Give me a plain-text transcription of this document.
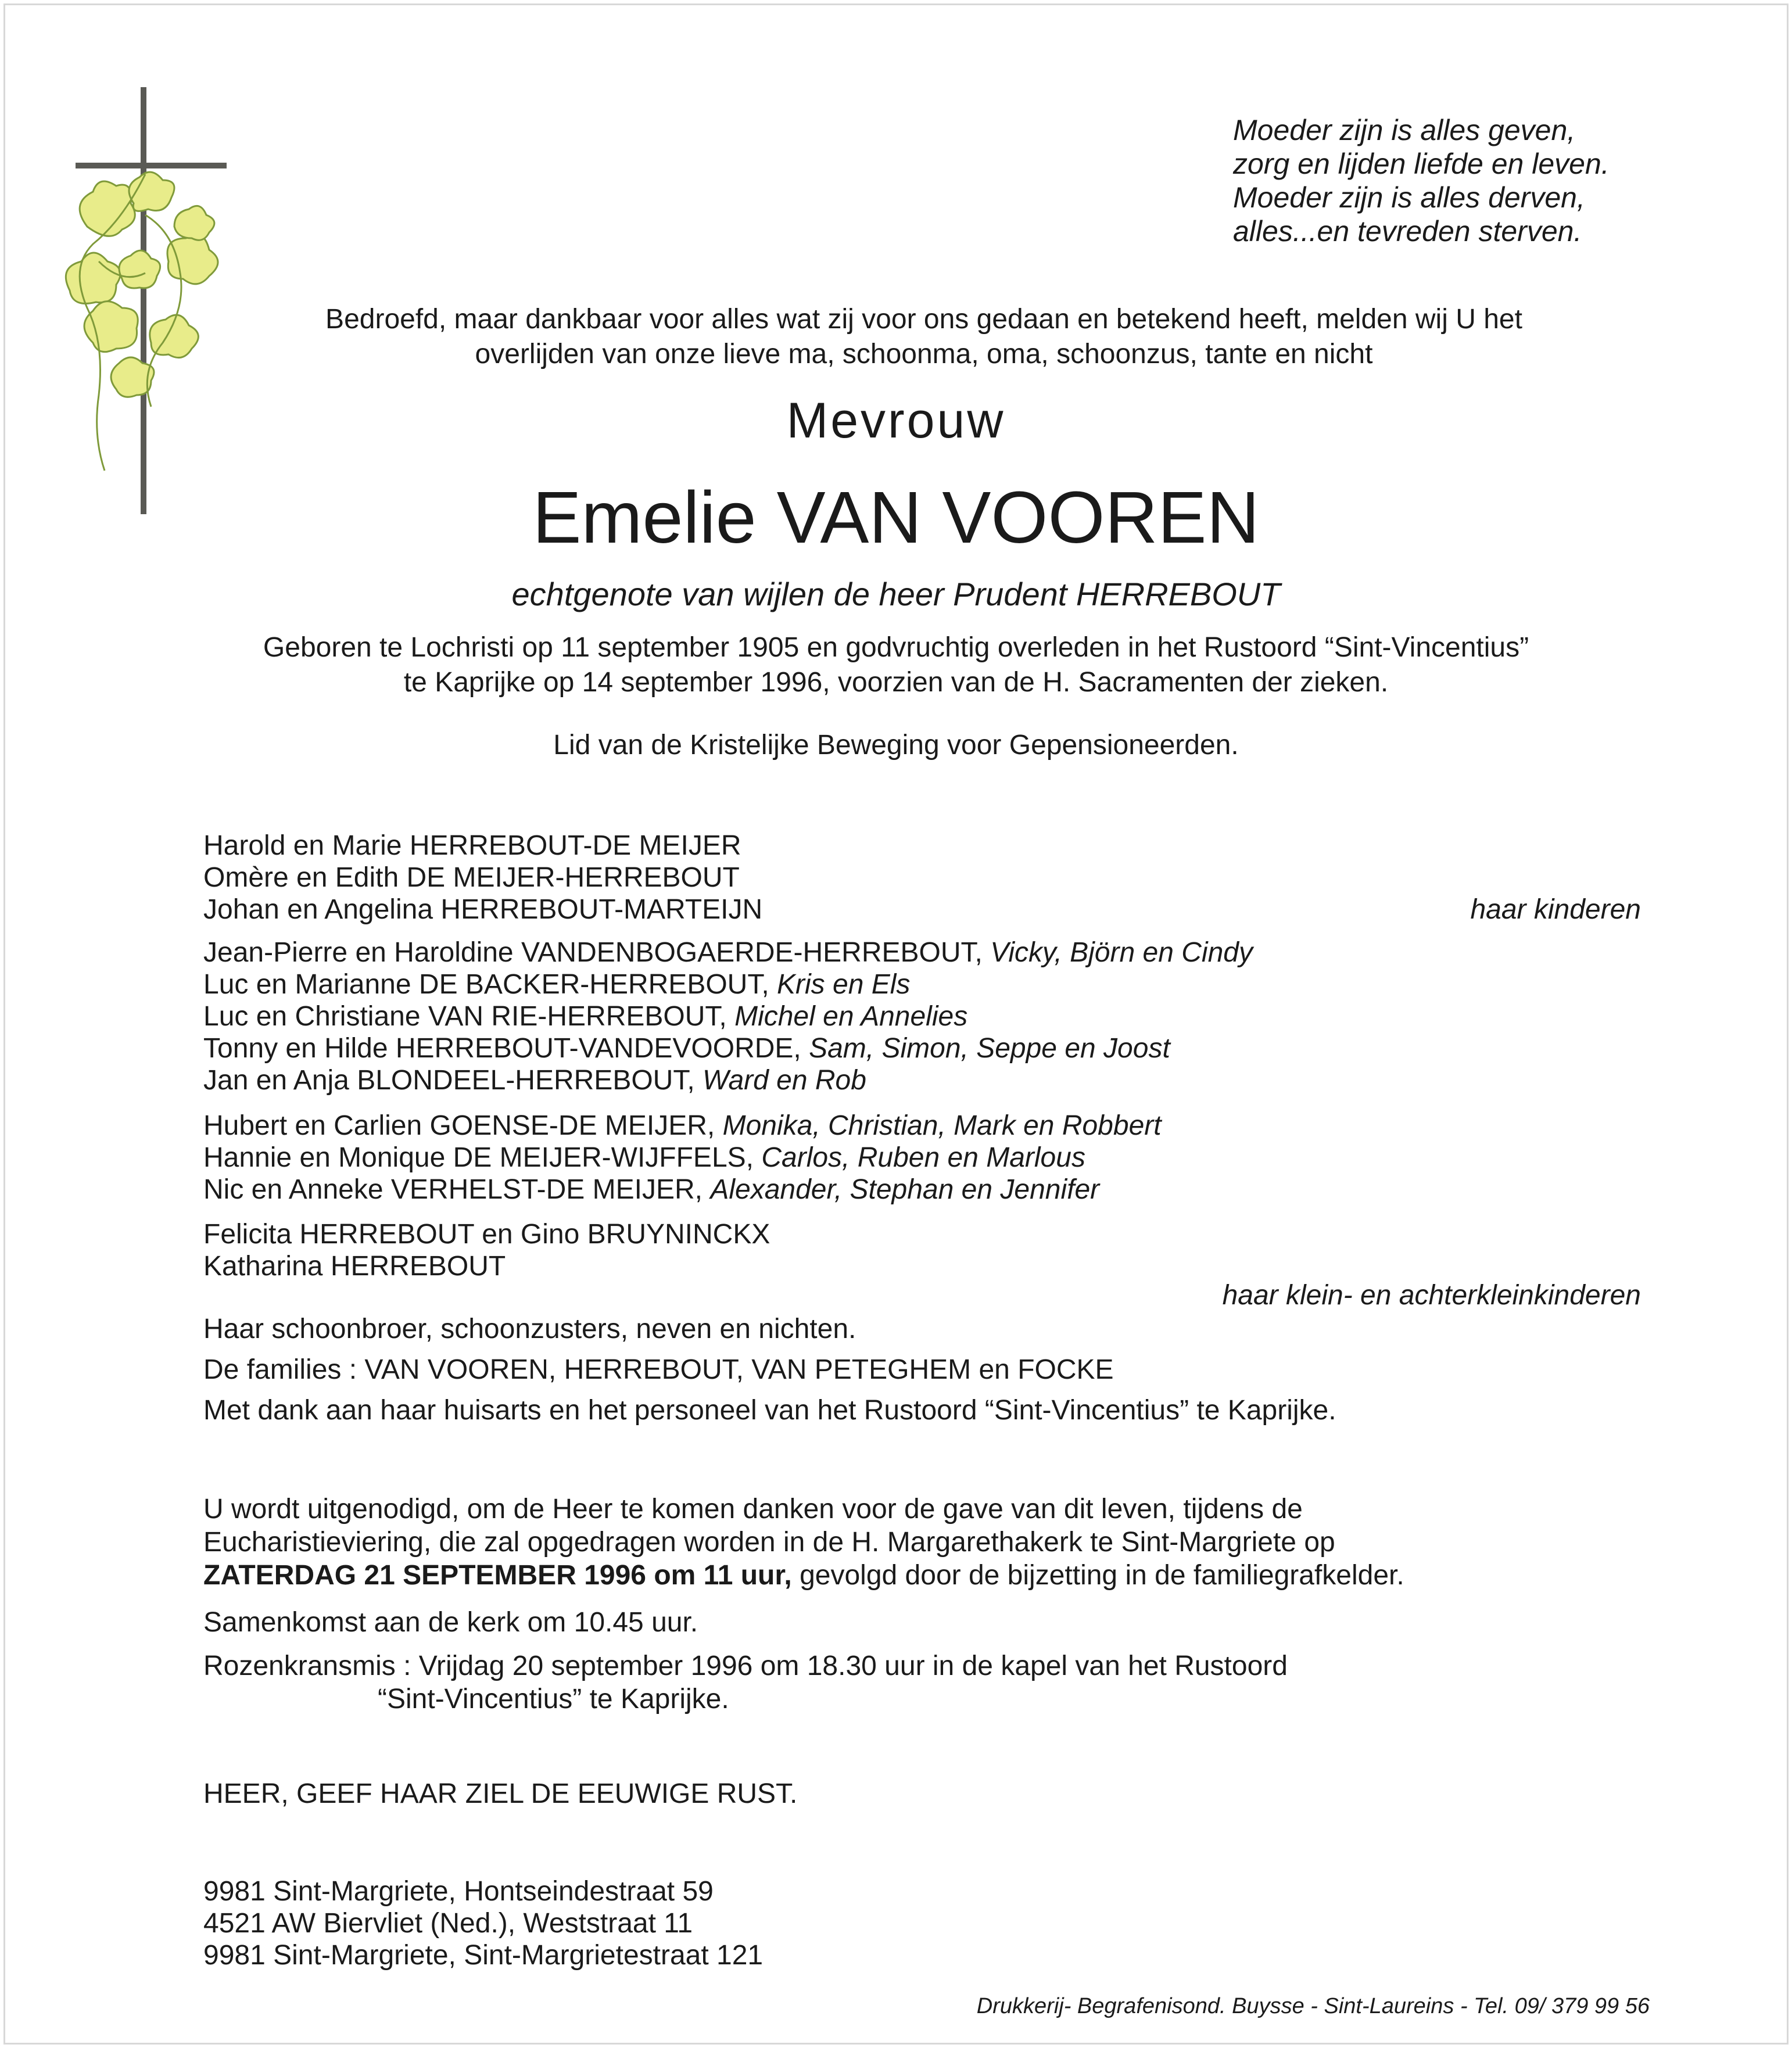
Moeder zijn is alles geven,
zorg en lijden liefde en leven.
Moeder zijn is alles derven,
alles...en tevreden sterven.
Bedroefd, maar dankbaar voor alles wat zij voor ons gedaan en betekend heeft, melden wij U het
overlijden van onze lieve ma, schoonma, oma, schoonzus, tante en nicht
Mevrouw
Emelie VAN VOOREN
echtgenote van wijlen de heer Prudent HERREBOUT
Geboren te Lochristi op 11 september 1905 en godvruchtig overleden in het Rustoord “Sint-Vincentius”
te Kaprijke op 14 september 1996, voorzien van de H. Sacramenten der zieken.
Lid van de Kristelijke Beweging voor Gepensioneerden.
Harold en Marie HERREBOUT-DE MEIJER
Omère en Edith DE MEIJER-HERREBOUT
Johan en Angelina HERREBOUT-MARTEIJN	haar kinderen
Jean-Pierre en Haroldine VANDENBOGAERDE-HERREBOUT, Vicky, Björn en Cindy
Luc en Marianne DE BACKER-HERREBOUT, Kris en Els
Luc en Christiane VAN RIE-HERREBOUT, Michel en Annelies
Tonny en Hilde HERREBOUT-VANDEVOORDE, Sam, Simon, Seppe en Joost
Jan en Anja BLONDEEL-HERREBOUT, Ward en Rob
Hubert en Carlien GOENSE-DE MEIJER, Monika, Christian, Mark en Robbert
Hannie en Monique DE MEIJER-WIJFFELS, Carlos, Ruben en Marlous
Nic en Anneke VERHELST-DE MEIJER, Alexander, Stephan en Jennifer
Felicita HERREBOUT en Gino BRUYNINCKX
Katharina HERREBOUT
haar klein- en achterkleinkinderen
Haar schoonbroer, schoonzusters, neven en nichten.
De families : VAN VOOREN, HERREBOUT, VAN PETEGHEM en FOCKE
Met dank aan haar huisarts en het personeel van het Rustoord “Sint-Vincentius” te Kaprijke.
U wordt uitgenodigd, om de Heer te komen danken voor de gave van dit leven, tijdens de
Eucharistieviering, die zal opgedragen worden in de H. Margarethakerk te Sint-Margriete op
ZATERDAG 21 SEPTEMBER 1996 om 11 uur, gevolgd door de bijzetting in de familiegrafkelder.
Samenkomst aan de kerk om 10.45 uur.
Rozenkransmis : Vrijdag 20 september 1996 om 18.30 uur in de kapel van het Rustoord
“Sint-Vincentius” te Kaprijke.
HEER, GEEF HAAR ZIEL DE EEUWIGE RUST.
9981 Sint-Margriete, Hontseindestraat 59
4521 AW Biervliet (Ned.), Weststraat 11
9981 Sint-Margriete, Sint-Margrietestraat 121
Drukkerij- Begrafenisond. Buysse - Sint-Laureins - Tel. 09/ 379 99 56
